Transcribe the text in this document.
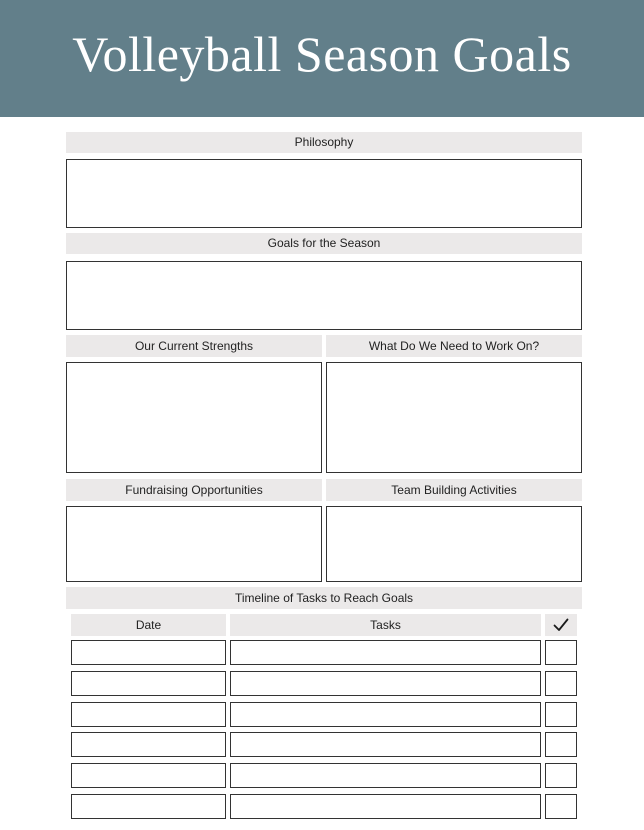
Volleyball Season Goals
Philosophy
Goals for the Season
Our Current Strengths	What Do We Need to Work On?
Fundraising Opportunities	Team Building Activities
Timeline of Tasks to Reach Goals
Date	Tasks
